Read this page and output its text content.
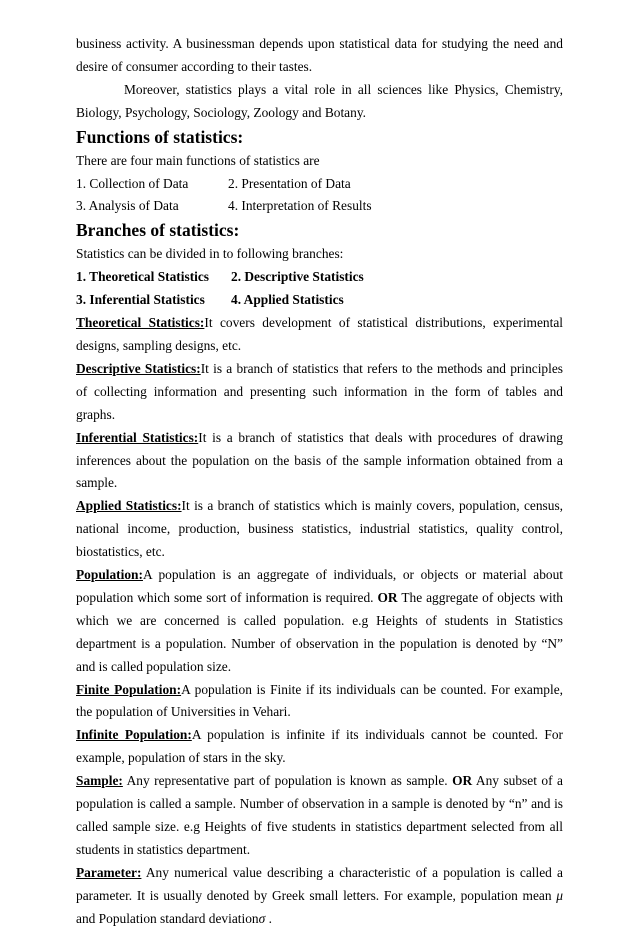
business activity. A businessman depends upon statistical data for studying the need and desire of consumer according to their tastes.

Moreover, statistics plays a vital role in all sciences like Physics, Chemistry, Biology, Psychology, Sociology, Zoology and Botany.

Functions of statistics:

There are four main functions of statistics are

1. Collection of Data	2. Presentation of Data
3. Analysis of Data	4. Interpretation of Results
Branches of statistics:

Statistics can be divided in to following branches:

1. Theoretical Statistics	2. Descriptive Statistics
3. Inferential Statistics	4. Applied Statistics

Theoretical Statistics:It covers development of statistical distributions, experimental designs, sampling designs, etc.

Descriptive Statistics:It is a branch of statistics that refers to the methods and principles of collecting information and presenting such information in the form of tables and graphs.

Inferential Statistics:It is a branch of statistics that deals with procedures of drawing inferences about the population on the basis of the sample information obtained from a sample.

Applied Statistics:It is a branch of statistics which is mainly covers, population, census, national income, production, business statistics, industrial statistics, quality control, biostatistics, etc.

Population:A population is an aggregate of individuals, or objects or material about population which some sort of information is required. OR The aggregate of objects with which we are concerned is called population. e.g Heights of students in Statistics department is a population. Number of observation in the population is denoted by “N” and is called population size.

Finite Population:A population is Finite if its individuals can be counted. For example, the population of Universities in Vehari.

Infinite Population:A population is infinite if its individuals cannot be counted. For example, population of stars in the sky.

Sample: Any representative part of population is known as sample. OR Any subset of a population is called a sample. Number of observation in a sample is denoted by “n” and is called sample size. e.g Heights of five students in statistics department selected from all students in statistics department.

Parameter: Any numerical value describing a characteristic of a population is called a parameter. It is usually denoted by Greek small letters. For example, population mean μ and Population standard deviationσ .
